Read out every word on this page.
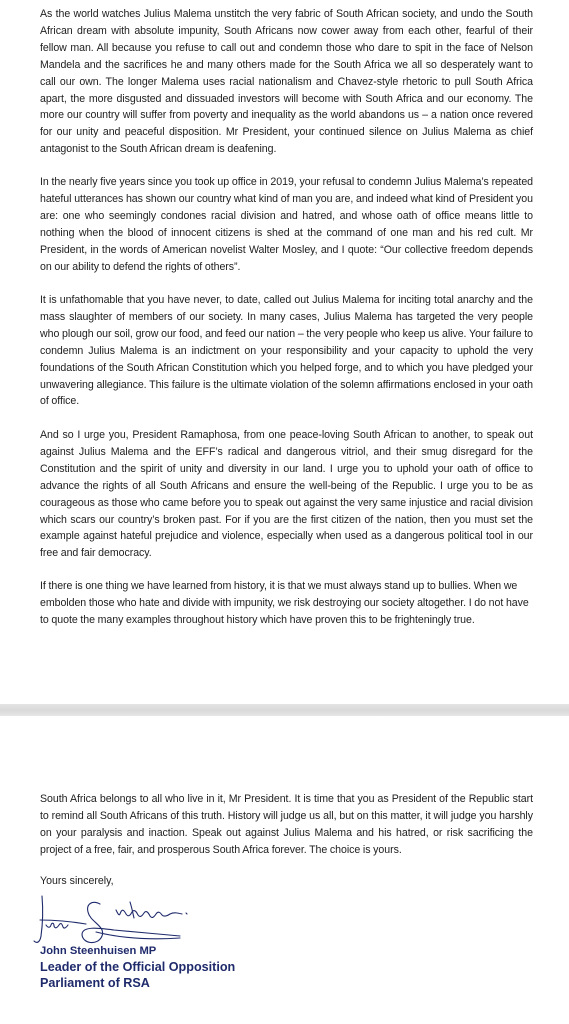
As the world watches Julius Malema unstitch the very fabric of South African society, and undo the South African dream with absolute impunity, South Africans now cower away from each other, fearful of their fellow man. All because you refuse to call out and condemn those who dare to spit in the face of Nelson Mandela and the sacrifices he and many others made for the South Africa we all so desperately want to call our own. The longer Malema uses racial nationalism and Chavez-style rhetoric to pull South Africa apart, the more disgusted and dissuaded investors will become with South Africa and our economy. The more our country will suffer from poverty and inequality as the world abandons us – a nation once revered for our unity and peaceful disposition. Mr President, your continued silence on Julius Malema as chief antagonist to the South African dream is deafening.

In the nearly five years since you took up office in 2019, your refusal to condemn Julius Malema’s repeated hateful utterances has shown our country what kind of man you are, and indeed what kind of President you are: one who seemingly condones racial division and hatred, and whose oath of office means little to nothing when the blood of innocent citizens is shed at the command of one man and his red cult. Mr President, in the words of American novelist Walter Mosley, and I quote: “Our collective freedom depends on our ability to defend the rights of others”.

It is unfathomable that you have never, to date, called out Julius Malema for inciting total anarchy and the mass slaughter of members of our society. In many cases, Julius Malema has targeted the very people who plough our soil, grow our food, and feed our nation – the very people who keep us alive. Your failure to condemn Julius Malema is an indictment on your responsibility and your capacity to uphold the very foundations of the South African Constitution which you helped forge, and to which you have pledged your unwavering allegiance. This failure is the ultimate violation of the solemn affirmations enclosed in your oath of office.

And so I urge you, President Ramaphosa, from one peace-loving South African to another, to speak out against Julius Malema and the EFF’s radical and dangerous vitriol, and their smug disregard for the Constitution and the spirit of unity and diversity in our land. I urge you to uphold your oath of office to advance the rights of all South Africans and ensure the well-being of the Republic. I urge you to be as courageous as those who came before you to speak out against the very same injustice and racial division which scars our country’s broken past. For if you are the first citizen of the nation, then you must set the example against hateful prejudice and violence, especially when used as a dangerous political tool in our free and fair democracy.

If there is one thing we have learned from history, it is that we must always stand up to bullies. When we embolden those who hate and divide with impunity, we risk destroying our society altogether. I do not have to quote the many examples throughout history which have proven this to be frighteningly true.

South Africa belongs to all who live in it, Mr President. It is time that you as President of the Republic start to remind all South Africans of this truth. History will judge us all, but on this matter, it will judge you harshly on your paralysis and inaction. Speak out against Julius Malema and his hatred, or risk sacrificing the project of a free, fair, and prosperous South Africa forever. The choice is yours.

Yours sincerely,

John Steenhuisen MP

Leader of the Official Opposition

Parliament of RSA
